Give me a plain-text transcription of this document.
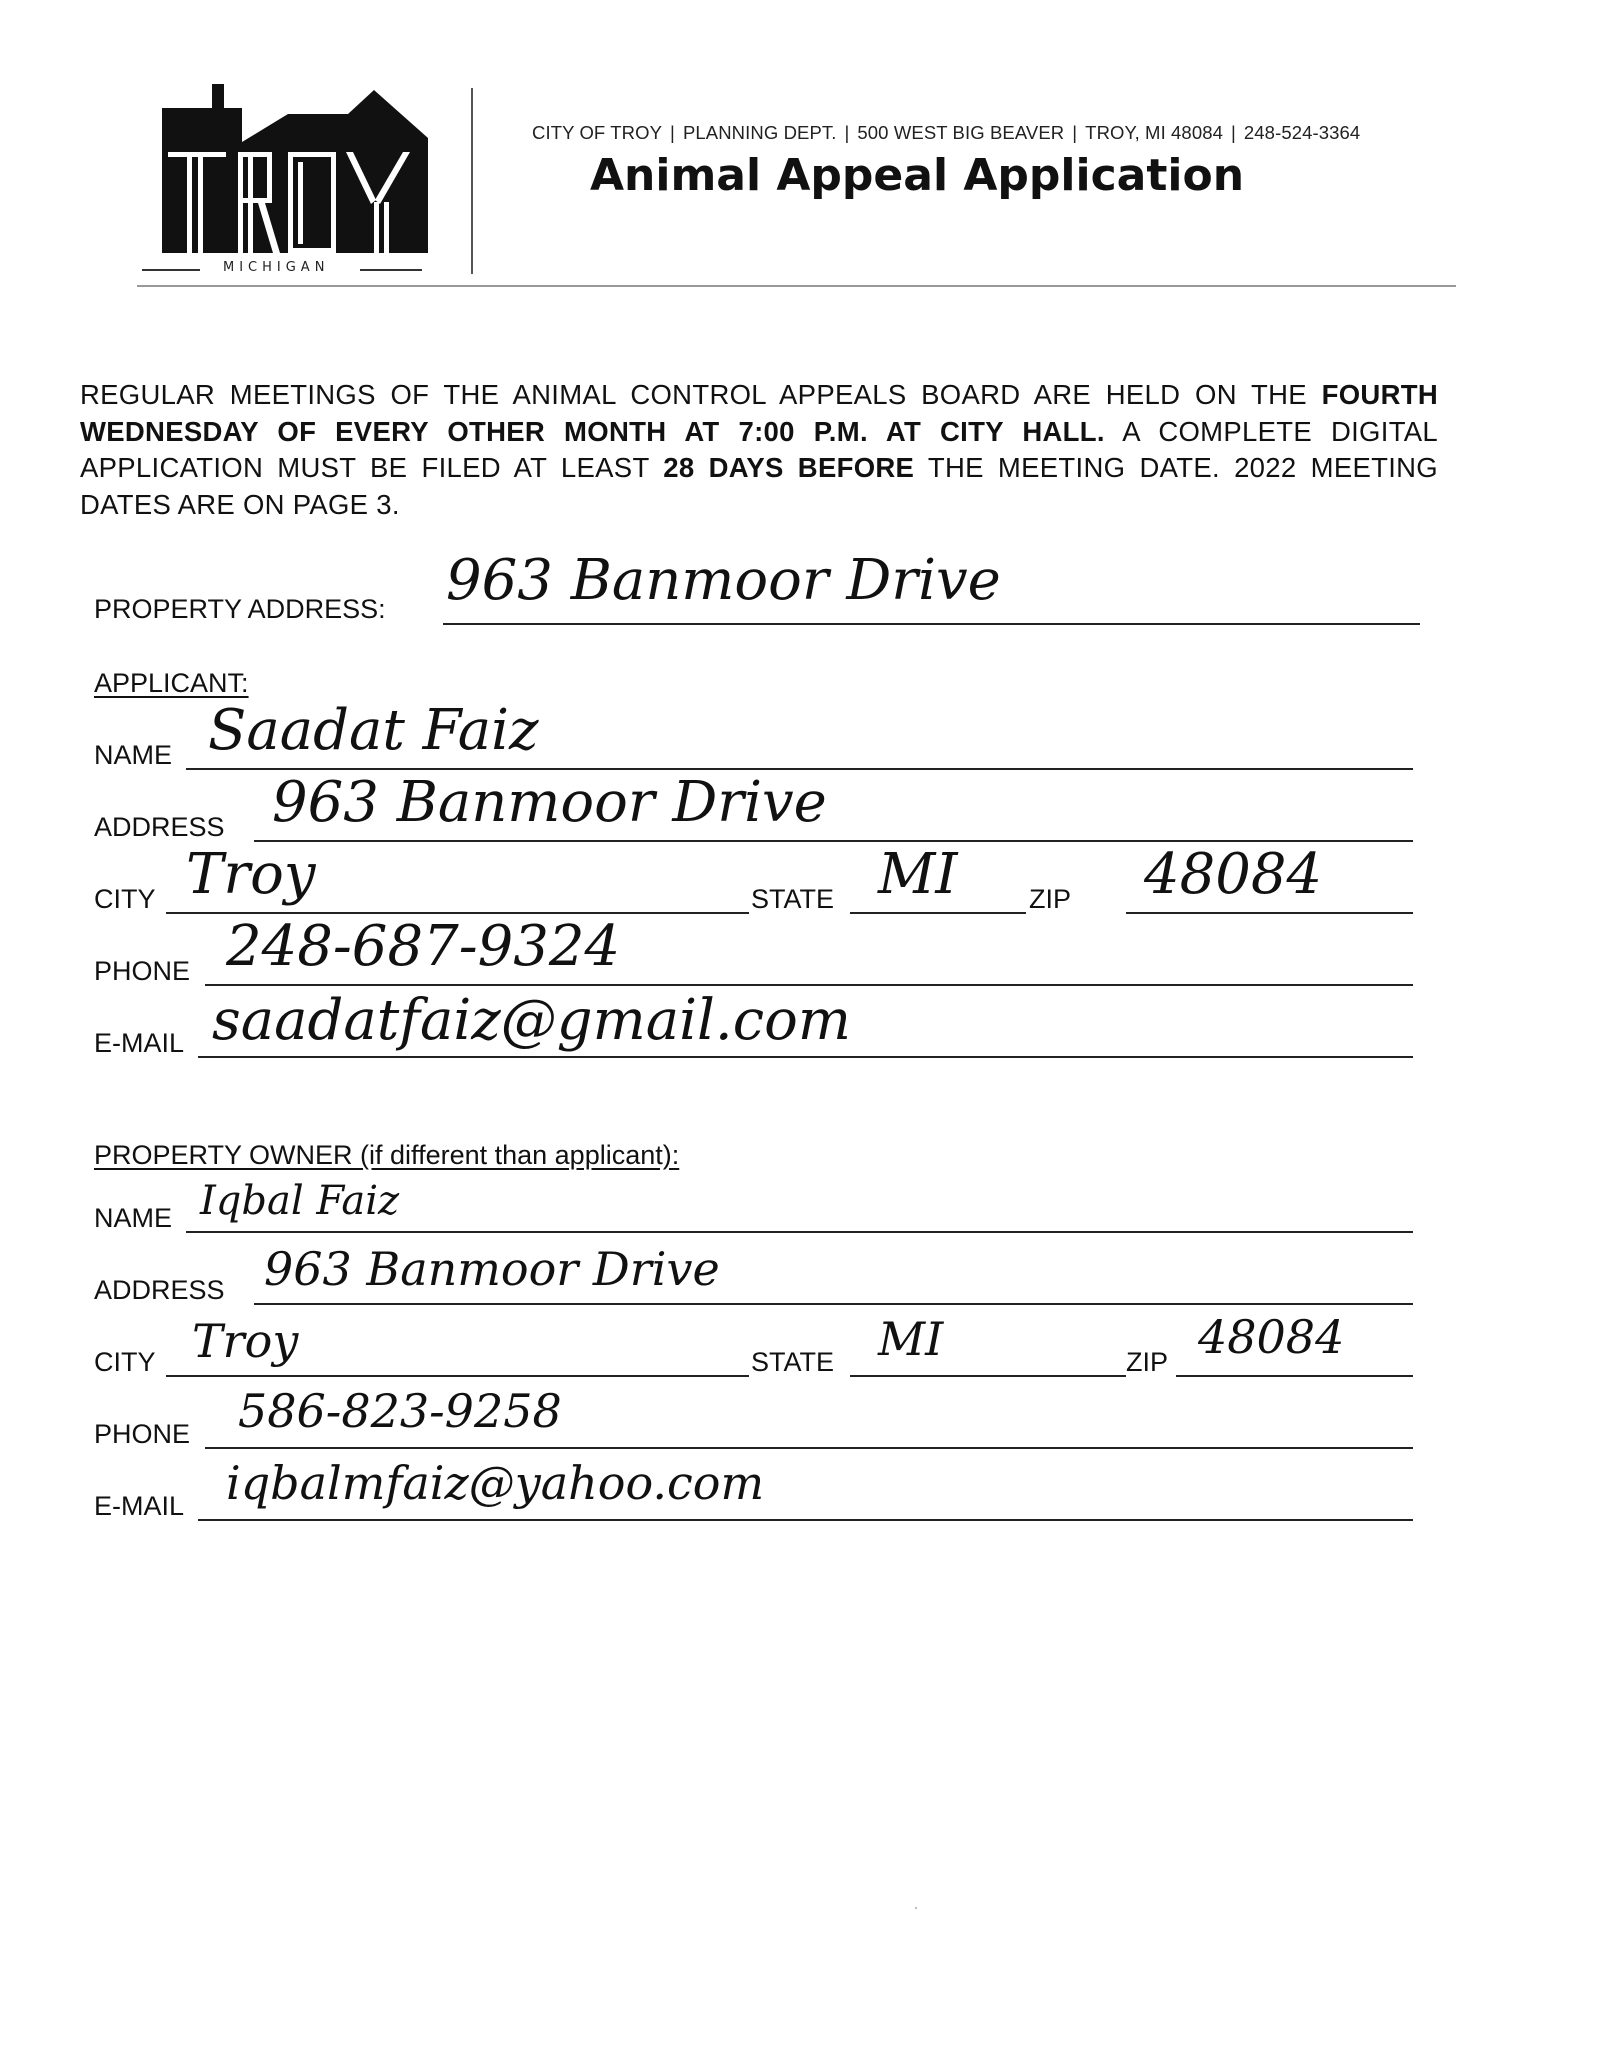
MICHIGAN
CITY OF TROY | PLANNING DEPT. | 500 WEST BIG BEAVER | TROY, MI 48084 | 248-524-3364
Animal Appeal Application
REGULAR MEETINGS OF THE ANIMAL CONTROL APPEALS BOARD ARE HELD ON THE FOURTH WEDNESDAY OF EVERY OTHER MONTH AT 7:00 P.M. AT CITY HALL. A COMPLETE DIGITAL APPLICATION MUST BE FILED AT LEAST 28 DAYS BEFORE THE MEETING DATE. 2022 MEETING DATES ARE ON PAGE 3.
PROPERTY ADDRESS: 963 Banmoor Drive
APPLICANT:
NAME Saadat Faiz
ADDRESS 963 Banmoor Drive
CITY Troy	STATE MI	ZIP 48084
PHONE 248-687-9324
E-MAIL saadatfaiz@gmail.com
PROPERTY OWNER (if different than applicant):
NAME Iqbal Faiz
ADDRESS 963 Banmoor Drive
CITY Troy	STATE MI	ZIP 48084
PHONE 586-823-9258
E-MAIL iqbalmfaiz@yahoo.com
